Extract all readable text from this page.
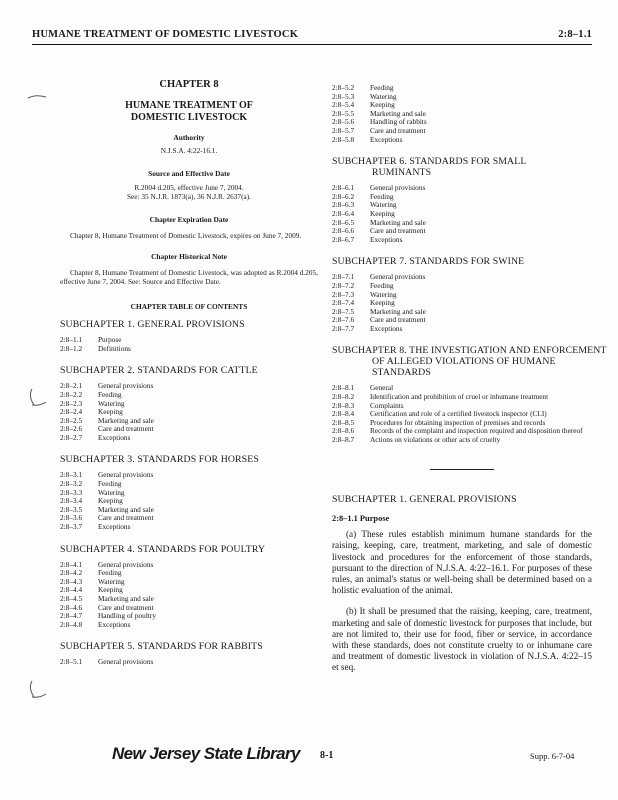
HUMANE TREATMENT OF DOMESTIC LIVESTOCK	2:8–1.1
CHAPTER 8
HUMANE TREATMENT OF DOMESTIC LIVESTOCK
Authority
N.J.S.A. 4:22-16.1.
Source and Effective Date
R.2004 d.205, effective June 7, 2004.
See: 35 N.J.R. 1873(a), 36 N.J.R. 2637(a).
Chapter Expiration Date
Chapter 8, Humane Treatment of Domestic Livestock, expires on June 7, 2009.
Chapter Historical Note
Chapter 8, Humane Treatment of Domestic Livestock, was adopted as R.2004 d.205, effective June 7, 2004. See: Source and Effective Date.
CHAPTER TABLE OF CONTENTS
SUBCHAPTER 1. GENERAL PROVISIONS
2:8–1.1	Purpose
2:8–1.2	Definitions
SUBCHAPTER 2. STANDARDS FOR CATTLE
2:8–2.1	General provisions
2:8–2.2	Feeding
2:8–2.3	Watering
2:8–2.4	Keeping
2:8–2.5	Marketing and sale
2:8–2.6	Care and treatment
2:8–2.7	Exceptions
SUBCHAPTER 3. STANDARDS FOR HORSES
2:8–3.1	General provisions
2:8–3.2	Feeding
2:8–3.3	Watering
2:8–3.4	Keeping
2:8–3.5	Marketing and sale
2:8–3.6	Care and treatment
2:8–3.7	Exceptions
SUBCHAPTER 4. STANDARDS FOR POULTRY
2:8–4.1	General provisions
2:8–4.2	Feeding
2:8–4.3	Watering
2:8–4.4	Keeping
2:8–4.5	Marketing and sale
2:8–4.6	Care and treatment
2:8–4.7	Handling of poultry
2:8–4.8	Exceptions
SUBCHAPTER 5. STANDARDS FOR RABBITS
2:8–5.1	General provisions
2:8–5.2	Feeding
2:8–5.3	Watering
2:8–5.4	Keeping
2:8–5.5	Marketing and sale
2:8–5.6	Handling of rabbits
2:8–5.7	Care and treatment
2:8–5.8	Exceptions
SUBCHAPTER 6. STANDARDS FOR SMALL RUMINANTS
2:8–6.1	General provisions
2:8–6.2	Feeding
2:8–6.3	Watering
2:8–6.4	Keeping
2:8–6.5	Marketing and sale
2:8–6.6	Care and treatment
2:8–6.7	Exceptions
SUBCHAPTER 7. STANDARDS FOR SWINE
2:8–7.1	General provisions
2:8–7.2	Feeding
2:8–7.3	Watering
2:8–7.4	Keeping
2:8–7.5	Marketing and sale
2:8–7.6	Care and treatment
2:8–7.7	Exceptions
SUBCHAPTER 8. THE INVESTIGATION AND ENFORCEMENT OF ALLEGED VIOLATIONS OF HUMANE STANDARDS
2:8–8.1	General
2:8–8.2	Identification and prohibition of cruel or inhumane treatment
2:8–8.3	Complaints
2:8–8.4	Certification and role of a certified livestock inspector (CLI)
2:8–8.5	Procedures for obtaining inspection of premises and records
2:8–8.6	Records of the complaint and inspection required and disposition thereof
2:8–8.7	Actions on violations or other acts of cruelty
SUBCHAPTER 1. GENERAL PROVISIONS
2:8–1.1 Purpose
(a) These rules establish minimum humane standards for the raising, keeping, care, treatment, marketing, and sale of domestic livestock and procedures for the enforcement of those standards, pursuant to the direction of N.J.S.A. 4:22–16.1. For purposes of these rules, an animal's status or well-being shall be determined based on a holistic evaluation of the animal.
(b) It shall be presumed that the raising, keeping, care, treatment, marketing and sale of domestic livestock for purposes that include, but are not limited to, their use for food, fiber or service, in accordance with these standards, does not constitute cruelty to or inhumane care and treatment of domestic livestock in violation of N.J.S.A. 4:22–15 et seq.
New Jersey State Library 8-1	Supp. 6-7-04
